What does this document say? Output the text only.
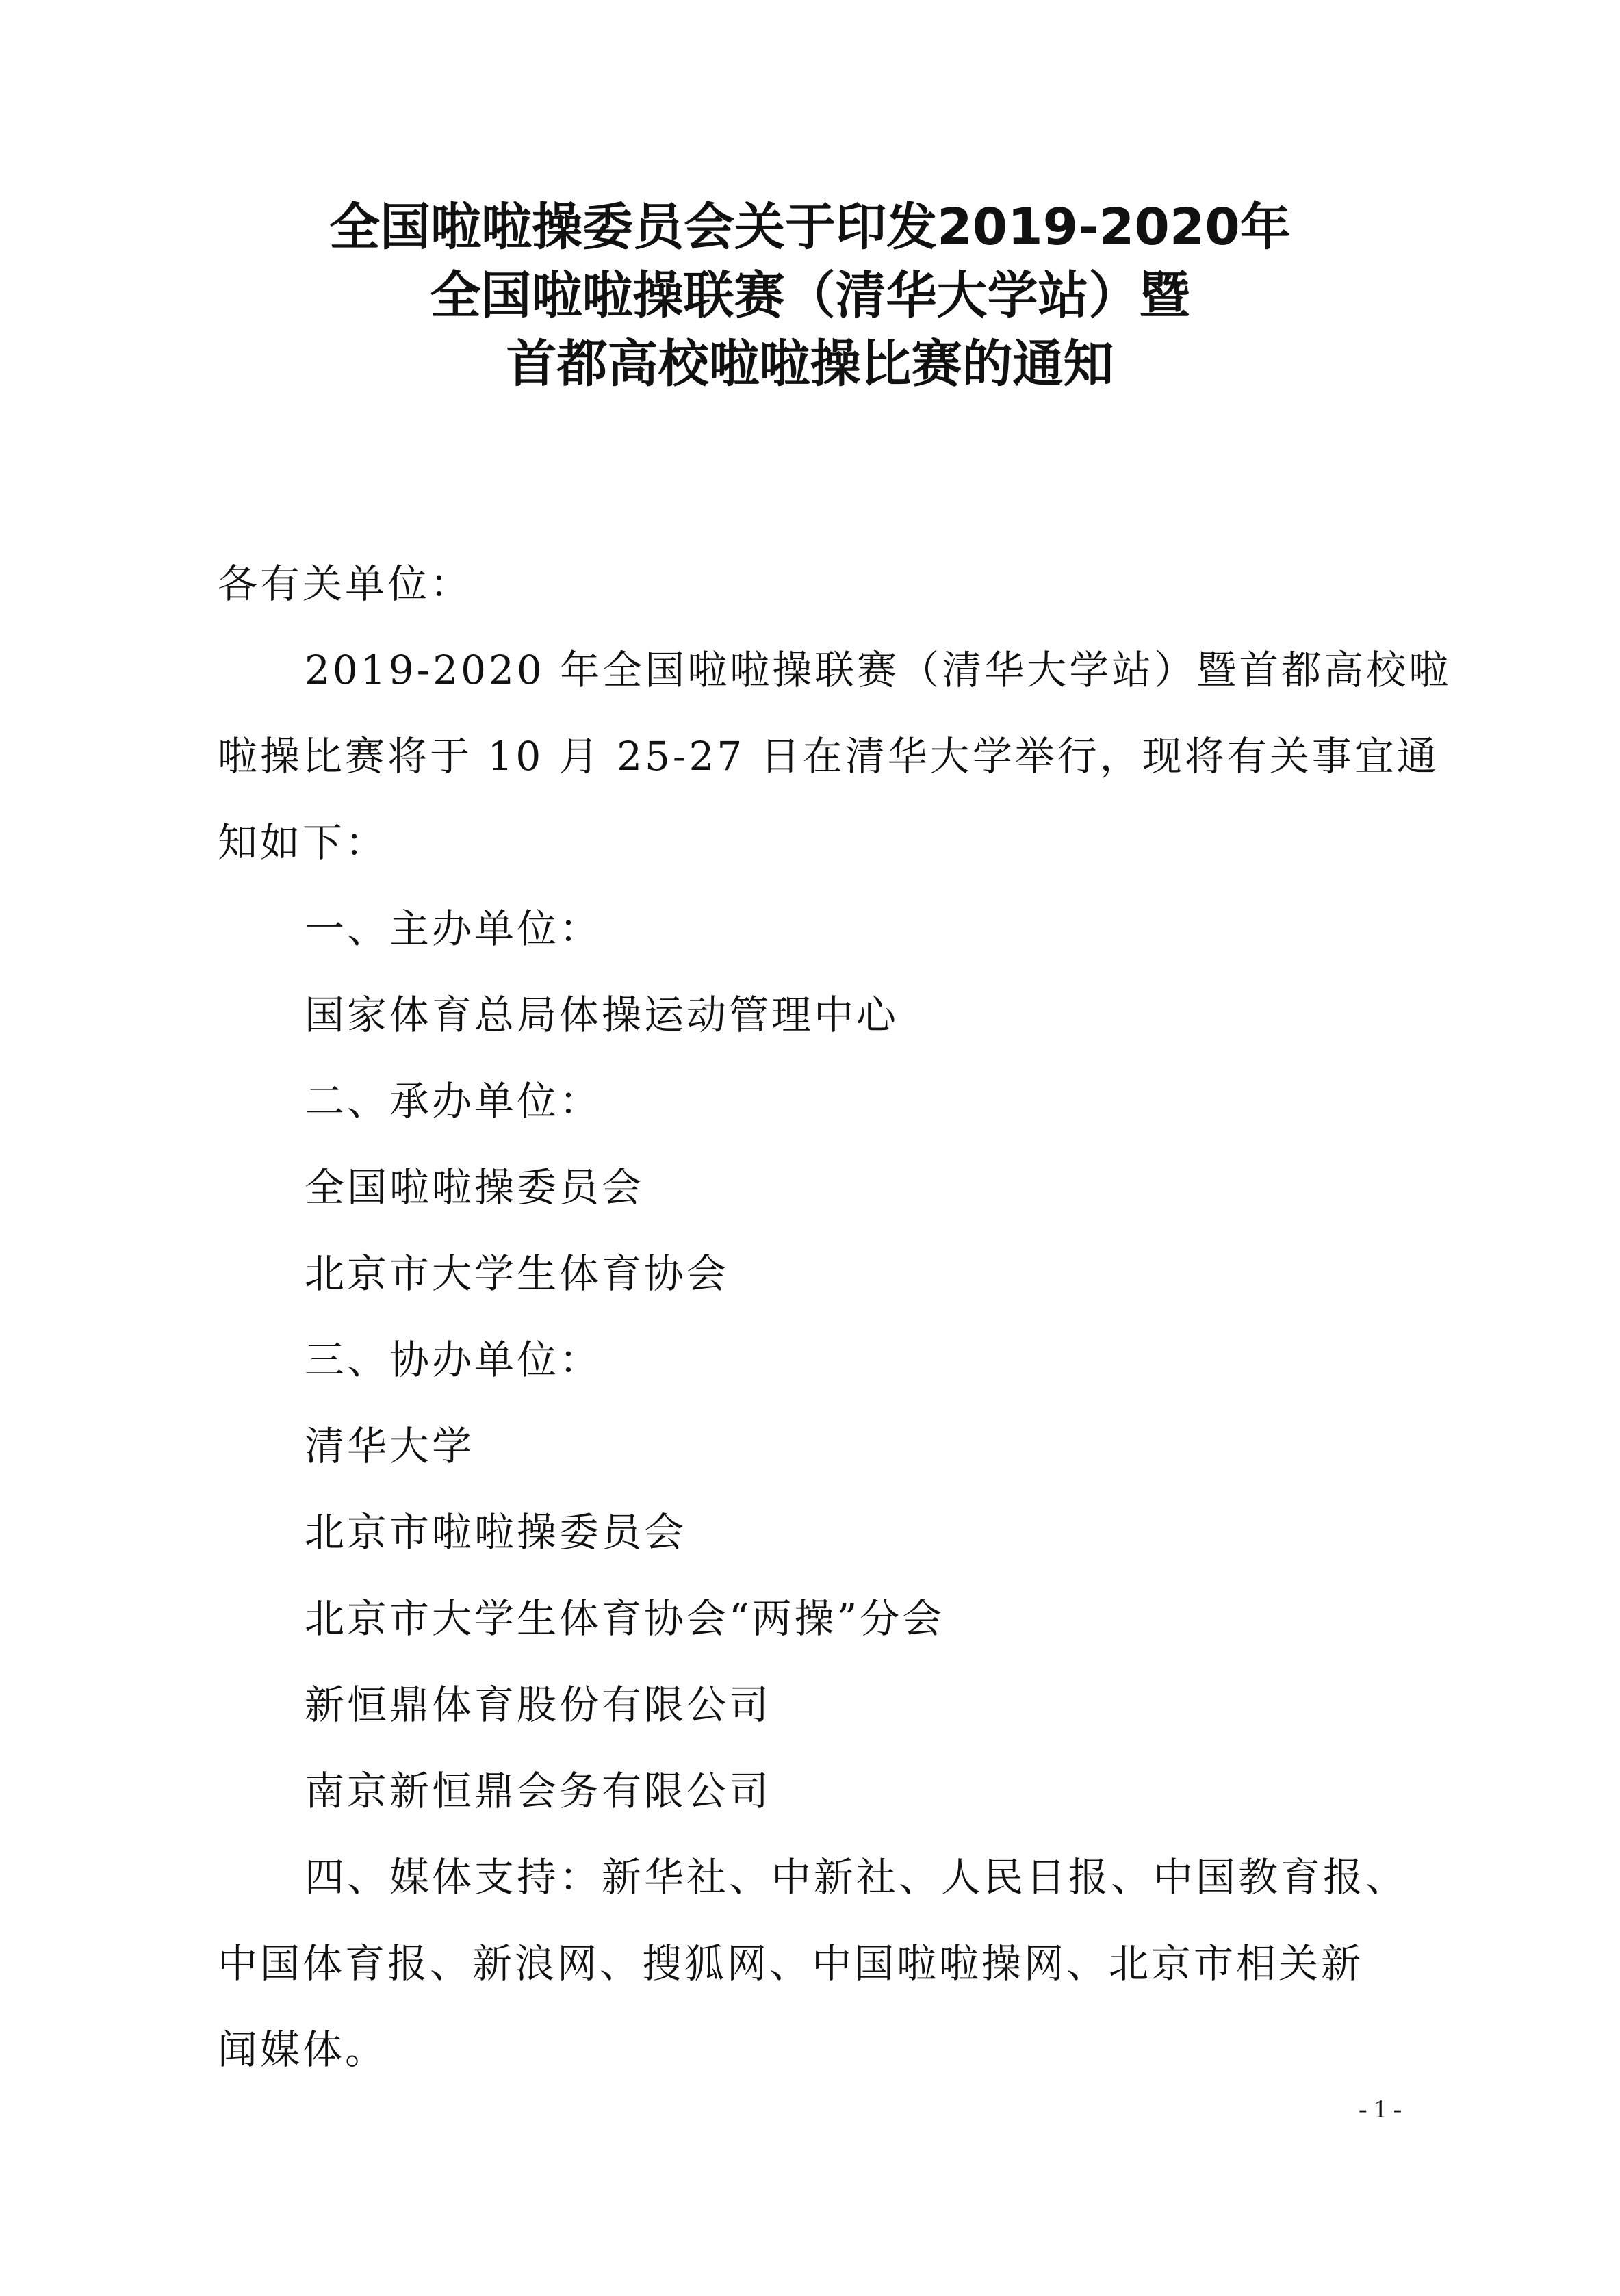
全国啦啦操委员会关于印发2019-2020年
全国啦啦操联赛（清华大学站）暨
首都高校啦啦操比赛的通知
各有关单位：
2019-2020 年全国啦啦操联赛（清华大学站）暨首都高校啦
啦操比赛将于 10 月 25-27 日在清华大学举行，现将有关事宜通
知如下：
一、主办单位：
国家体育总局体操运动管理中心
二、承办单位：
全国啦啦操委员会
北京市大学生体育协会
三、协办单位：
清华大学
北京市啦啦操委员会
北京市大学生体育协会“两操”分会
新恒鼎体育股份有限公司
南京新恒鼎会务有限公司
四、媒体支持：新华社、中新社、人民日报、中国教育报、
中国体育报、新浪网、搜狐网、中国啦啦操网、北京市相关新
闻媒体。
- 1 -
